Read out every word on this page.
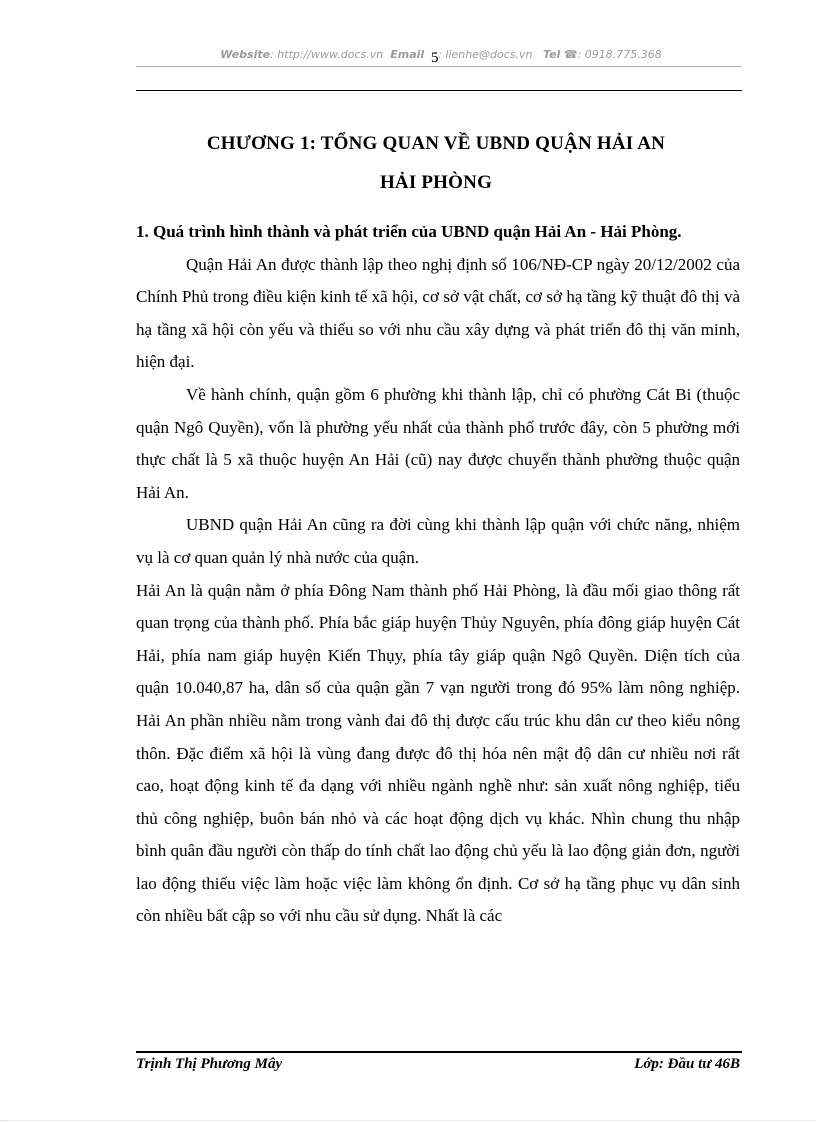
Website: http://www.docs.vn Email : lienhe@docs.vn Tel ☎: 0918.775.368
5
CHƯƠNG 1: TỔNG QUAN VỀ UBND QUẬN HẢI AN
HẢI PHÒNG
1. Quá trình hình thành và phát triển của UBND quận Hải An - Hải Phòng.

Quận Hải An được thành lập theo nghị định số 106/NĐ-CP ngày 20/12/2002 của Chính Phủ trong điều kiện kinh tế xã hội, cơ sở vật chất, cơ sở hạ tầng kỹ thuật đô thị và hạ tầng xã hội còn yếu và thiếu so với nhu cầu xây dựng và phát triển đô thị văn minh, hiện đại.

Về hành chính, quận gồm 6 phường khi thành lập, chỉ có phường Cát Bi (thuộc quận Ngô Quyền), vốn là phường yếu nhất của thành phố trước đây, còn 5 phường mới thực chất là 5 xã thuộc huyện An Hải (cũ) nay được chuyển thành phường thuộc quận Hải An.

UBND quận Hải An cũng ra đời cùng khi thành lập quận với chức năng, nhiệm vụ là cơ quan quản lý nhà nước của quận.

Hải An là quận nằm ở phía Đông Nam thành phố Hải Phòng, là đầu mối giao thông rất quan trọng của thành phố. Phía bắc giáp huyện Thủy Nguyên, phía đông giáp huyện Cát Hải, phía nam giáp huyện Kiến Thụy, phía tây giáp quận Ngô Quyền. Diện tích của quận 10.040,87 ha, dân số của quận gần 7 vạn người trong đó 95% làm nông nghiệp. Hải An phần nhiều nằm trong vành đai đô thị được cấu trúc khu dân cư theo kiểu nông thôn. Đặc điểm xã hội là vùng đang được đô thị hóa nên mật độ dân cư nhiều nơi rất cao, hoạt động kinh tế đa dạng với nhiều ngành nghề như: sản xuất nông nghiệp, tiểu thủ công nghiệp, buôn bán nhỏ và các hoạt động dịch vụ khác. Nhìn chung thu nhập bình quân đầu người còn thấp do tính chất lao động chủ yếu là lao động giản đơn, người lao động thiếu việc làm hoặc việc làm không ổn định. Cơ sở hạ tầng phục vụ dân sinh còn nhiều bất cập so với nhu cầu sử dụng. Nhất là các

Trịnh Thị Phương Mây	Lớp: Đầu tư 46B
